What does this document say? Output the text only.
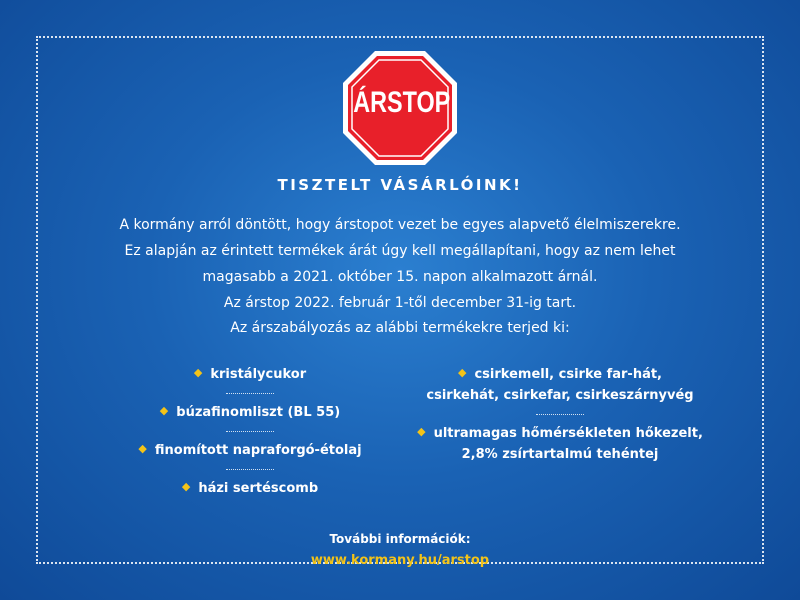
ÁRSTOP
TISZTELT VÁSÁRLÓINK!
A kormány arról döntött, hogy árstopot vezet be egyes alapvető élelmiszerekre.
Ez alapján az érintett termékek árát úgy kell megállapítani, hogy az nem lehet
magasabb a 2021. október 15. napon alkalmazott árnál.
Az árstop 2022. február 1-től december 31-ig tart.
Az árszabályozás az alábbi termékekre terjed ki:
◆ kristálycukor
◆ búzafinomliszt (BL 55)
◆ finomított napraforgó-étolaj
◆ házi sertéscomb
◆ csirkemell, csirke far-hát,
csirkehát, csirkefar, csirkeszárnyvég
◆ ultramagas hőmérsékleten hőkezelt,
2,8% zsírtartalmú tehéntej
További információk:
www.kormany.hu/arstop
